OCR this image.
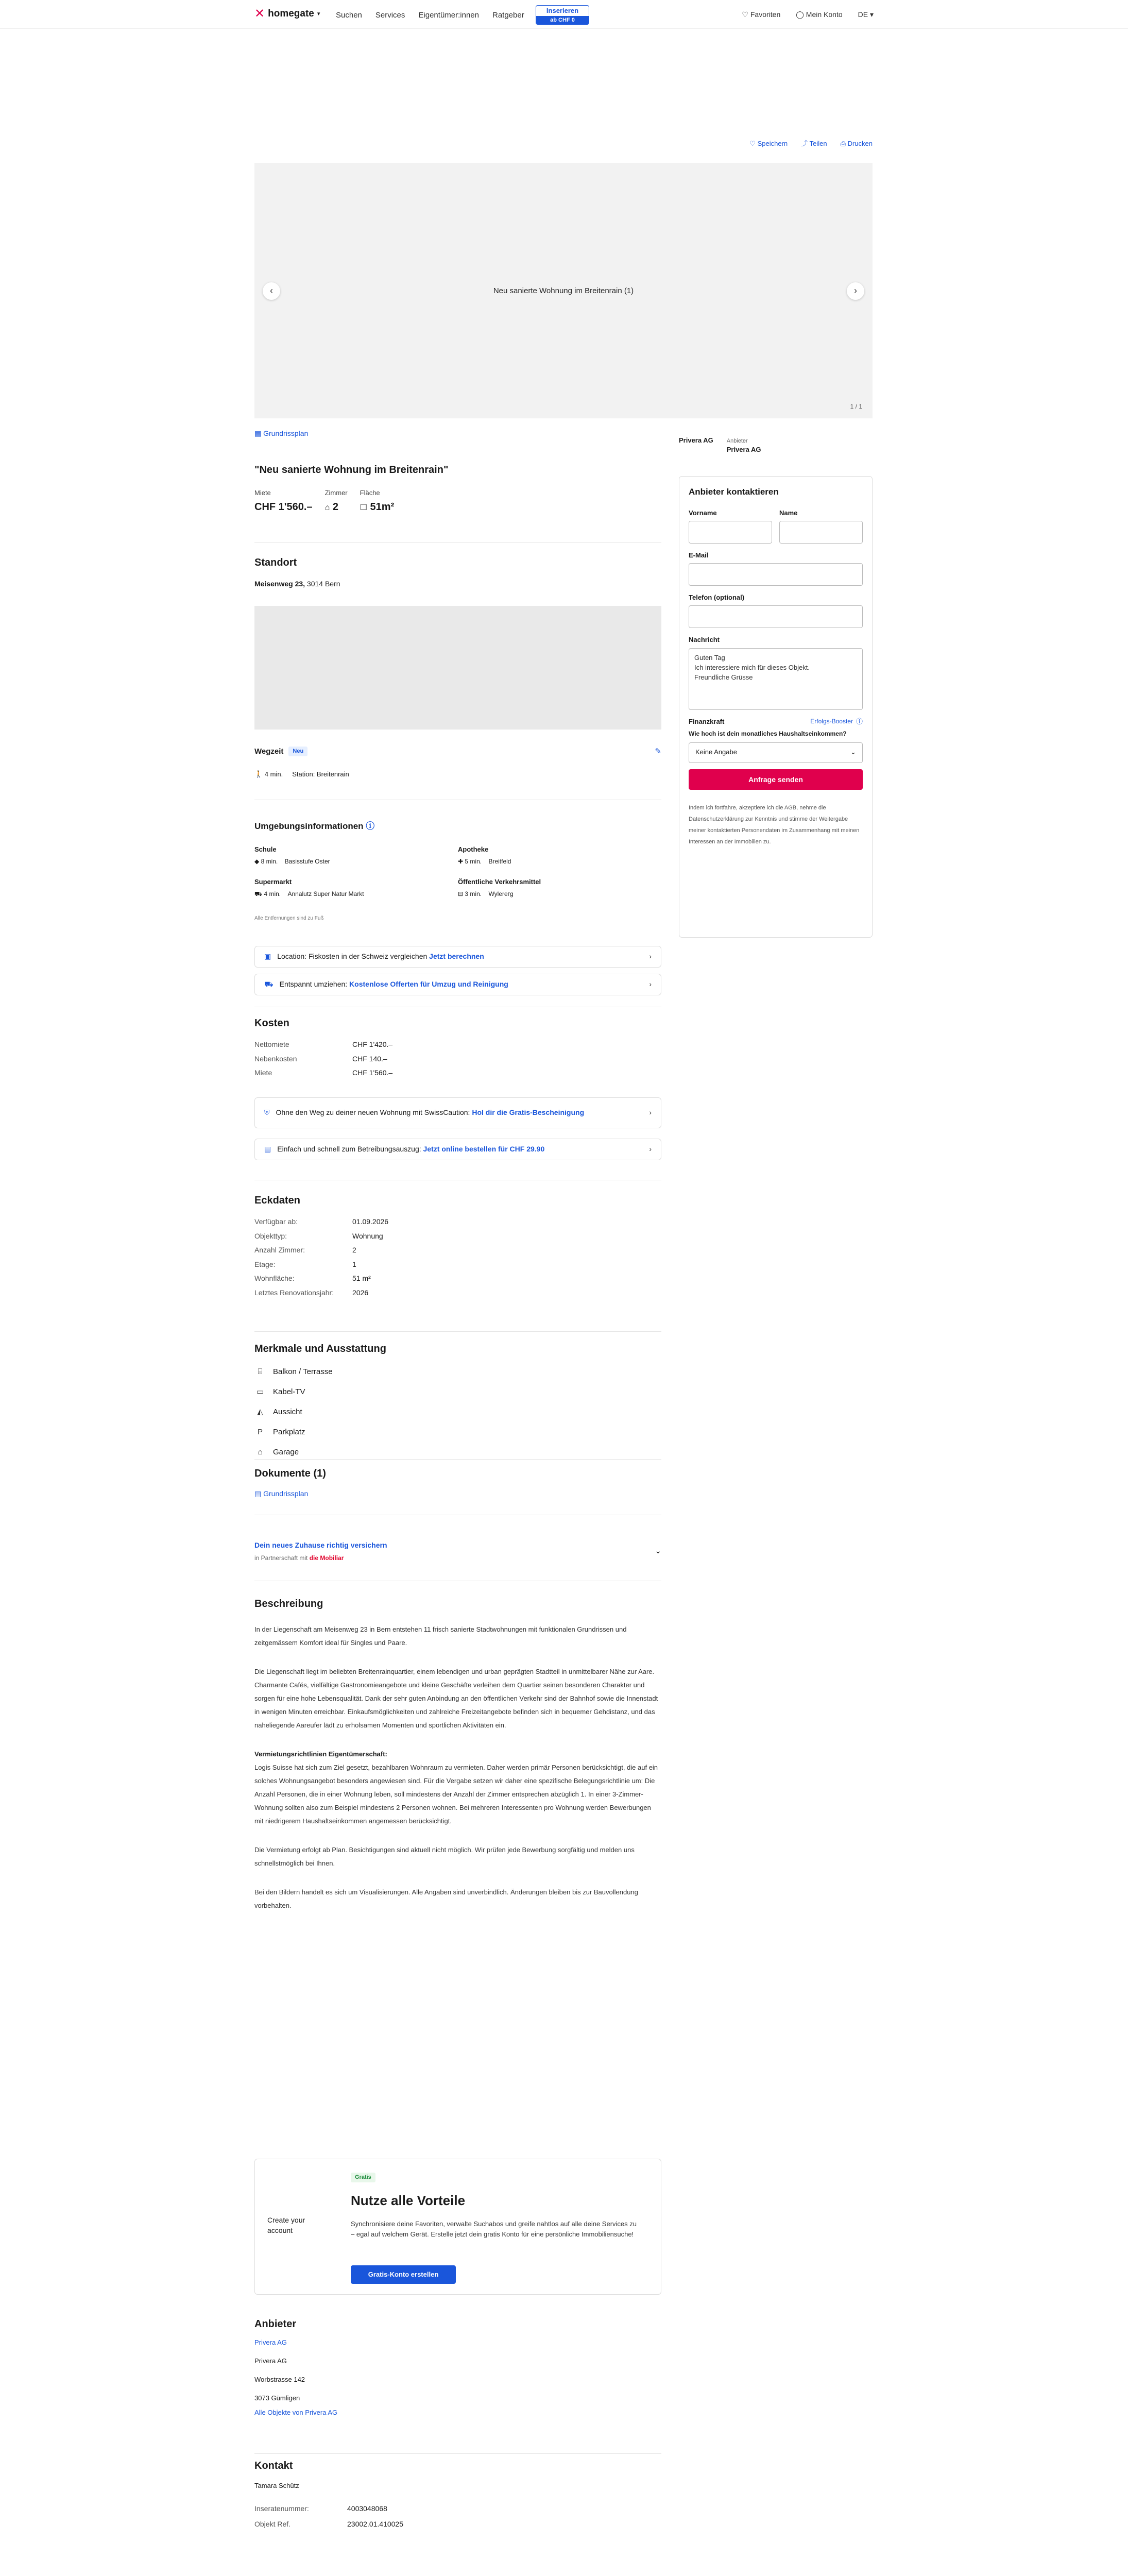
✕ homegate ▾ Suchen Services Eigentümer:innen Ratgeber
Inserieren
ab CHF 0
♡ Favoriten ◯ Mein Konto DE ▾
♡ Speichern ⤴ Teilen ⎙ Drucken
Neu sanierte Wohnung im Breitenrain (1)
‹	›
1 / 1
▤ Grundrissplan
"Neu sanierte Wohnung im Breitenrain"
Miete
CHF 1'560.–
Zimmer
⌂ 2
Fläche
☐ 51m²
Standort
Meisenweg 23, 3014 Bern
Wegzeit	Neu	✎
🚶 4 min. Station: Breitenrain
Umgebungsinformationen ⓘ
Schule
◆ 8 min. Basisstufe Oster
Apotheke
✚ 5 min. Breitfeld
Supermarkt
⛟ 4 min. Annalutz Super Natur Markt
Öffentliche Verkehrsmittel
⊟ 3 min. Wylerегg
Alle Entfernungen sind zu Fuß
▣ Location: Fiskosten in der Schweiz vergleichen Jetzt berechnen	›
⛟ Entspannt umziehen: Kostenlose Offerten für Umzug und Reinigung	›
Kosten
Nettomiete	CHF 1'420.–
Nebenkosten	CHF 140.–
Miete	CHF 1'560.–
⛨ Ohne den Weg zu deiner neuen Wohnung mit SwissCaution: Hol dir die Gratis-Bescheinigung	›
▤ Einfach und schnell zum Betreibungsauszug: Jetzt online bestellen für CHF 29.90	›
Eckdaten
Verfügbar ab:	01.09.2026
Objekttyp:	Wohnung
Anzahl Zimmer:	2
Etage:	1
Wohnfläche:	51 m²
Letztes Renovationsjahr:	2026
Merkmale und Ausstattung
⌸	Balkon / Terrasse
▭ Kabel-TV
◭	Aussicht
P	Parkplatz
⌂	Garage
Dokumente (1)
▤ Grundrissplan
Dein neues Zuhause richtig versichern
in Partnerschaft mit die Mobiliar
⌄
Beschreibung

In der Liegenschaft am Meisenweg 23 in Bern entstehen 11 frisch sanierte Stadtwohnungen mit funktionalen Grundrissen und zeitgemässem Komfort ideal für Singles und Paare.

Die Liegenschaft liegt im beliebten Breitenrainquartier, einem lebendigen und urban geprägten Stadtteil in unmittelbarer Nähe zur Aare. Charmante Cafés, vielfältige Gastronomieangebote und kleine Geschäfte verleihen dem Quartier seinen besonderen Charakter und sorgen für eine hohe Lebensqualität. Dank der sehr guten Anbindung an den öffentlichen Verkehr sind der Bahnhof sowie die Innenstadt in wenigen Minuten erreichbar. Einkaufsmöglichkeiten und zahlreiche Freizeitangebote befinden sich in bequemer Gehdistanz, und das naheliegende Aareufer lädt zu erholsamen Momenten und sportlichen Aktivitäten ein.

Vermietungsrichtlinien Eigentümerschaft:

Logis Suisse hat sich zum Ziel gesetzt, bezahlbaren Wohnraum zu vermieten. Daher werden primär Personen berücksichtigt, die auf ein solches Wohnungsangebot besonders angewiesen sind. Für die Vergabe setzen wir daher eine spezifische Belegungsrichtlinie um: Die Anzahl Personen, die in einer Wohnung leben, soll mindestens der Anzahl der Zimmer entsprechen abzüglich 1. In einer 3-Zimmer-Wohnung sollten also zum Beispiel mindestens 2 Personen wohnen. Bei mehreren Interessenten pro Wohnung werden Bewerbungen mit niedrigerem Haushaltseinkommen angemessen berücksichtigt.

Die Vermietung erfolgt ab Plan. Besichtigungen sind aktuell nicht möglich. Wir prüfen jede Bewerbung sorgfältig und melden uns schnellstmöglich bei Ihnen.

Bei den Bildern handelt es sich um Visualisierungen. Alle Angaben sind unverbindlich. Änderungen bleiben bis zur Bauvollendung vorbehalten.

Create your account
Gratis
Nutze alle Vorteile
Synchronisiere deine Favoriten, verwalte Suchabos und greife nahtlos auf alle deine Services zu – egal auf welchem Gerät. Erstelle jetzt dein gratis Konto für eine persönliche Immobiliensuche!
Gratis-Konto erstellen
Anbieter
Privera AG
Privera AG
Worbstrasse 142
3073 Gümligen
Alle Objekte von Privera AG
Kontakt
Tamara Schütz
Inseratenummer:	4003048068
Objekt Ref.	23002.01.410025
Privera AG Anbieter
Privera AG
Anbieter kontaktieren
Vorname	Name
E-Mail
Telefon (optional)
Nachricht
Guten Tag
Ich interessiere mich für dieses Objekt.
Freundliche Grüsse
Finanzkraft	Erfolgs-Booster ⓘ
Wie hoch ist dein monatliches Haushaltseinkommen?
Keine Angabe	⌄
Anfrage senden
Indem ich fortfahre, akzeptiere ich die AGB, nehme die Datenschutzerklärung zur Kenntnis und stimme der Weitergabe meiner kontaktierten Personendaten im Zusammenhang mit meinen Interessen an der Immobilien zu.
